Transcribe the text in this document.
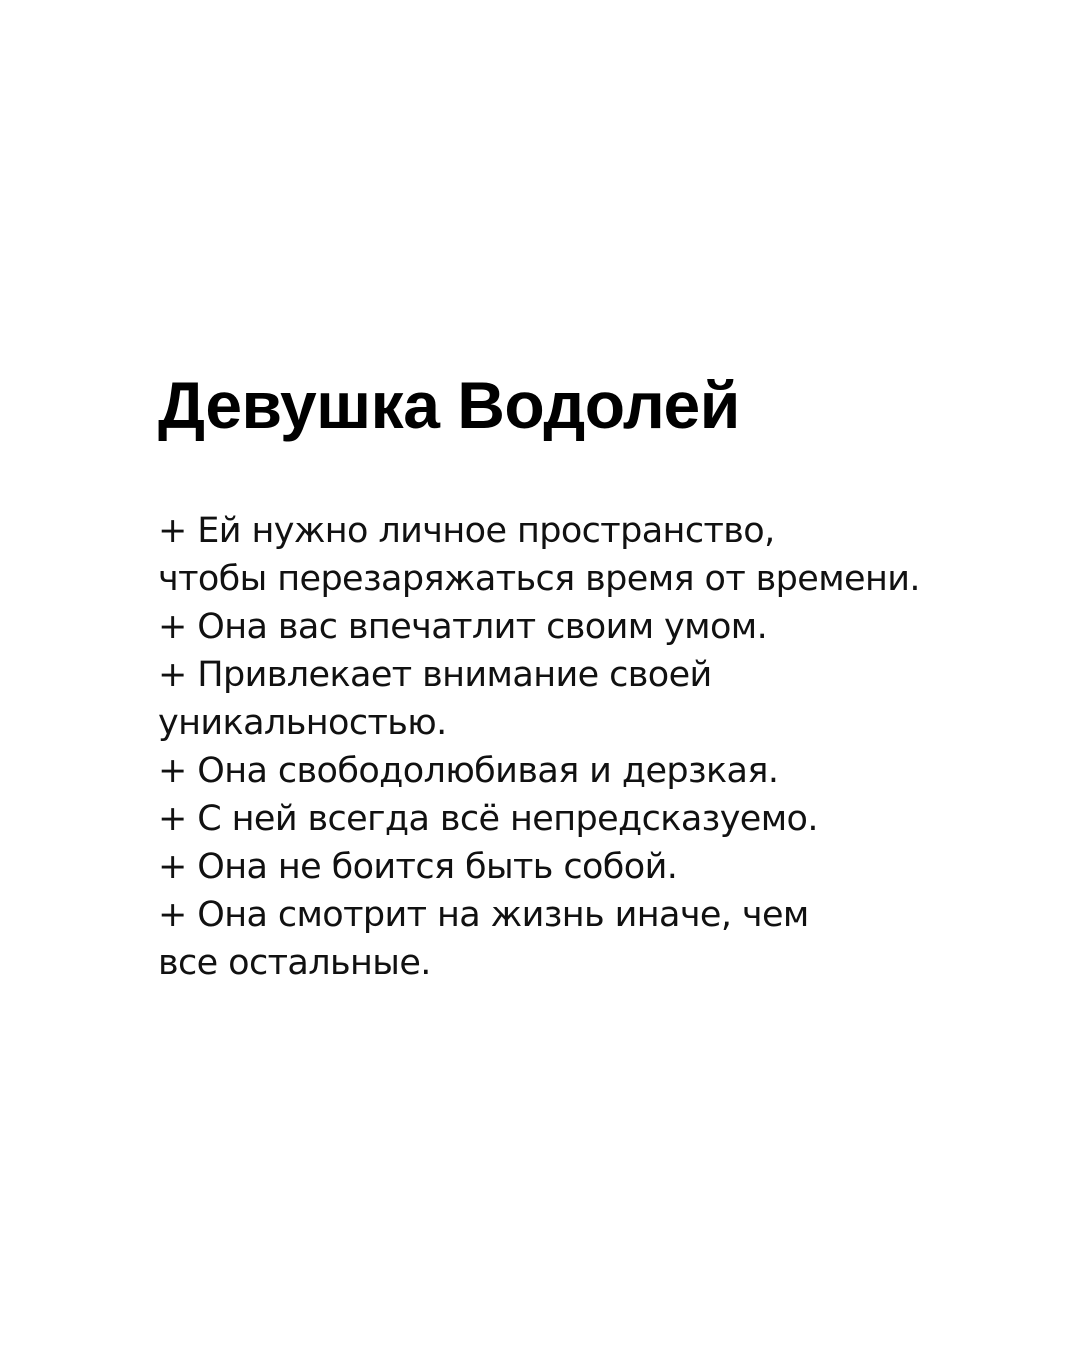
Девушка Водолей
+ Ей нужно личное пространство,
чтобы перезаряжаться время от времени.
+ Она вас впечатлит своим умом.
+ Привлекает внимание своей
уникальностью.
+ Она свободолюбивая и дерзкая.
+ С ней всегда всё непредсказуемо.
+ Она не боится быть собой.
+ Она смотрит на жизнь иначе, чем
все остальные.
